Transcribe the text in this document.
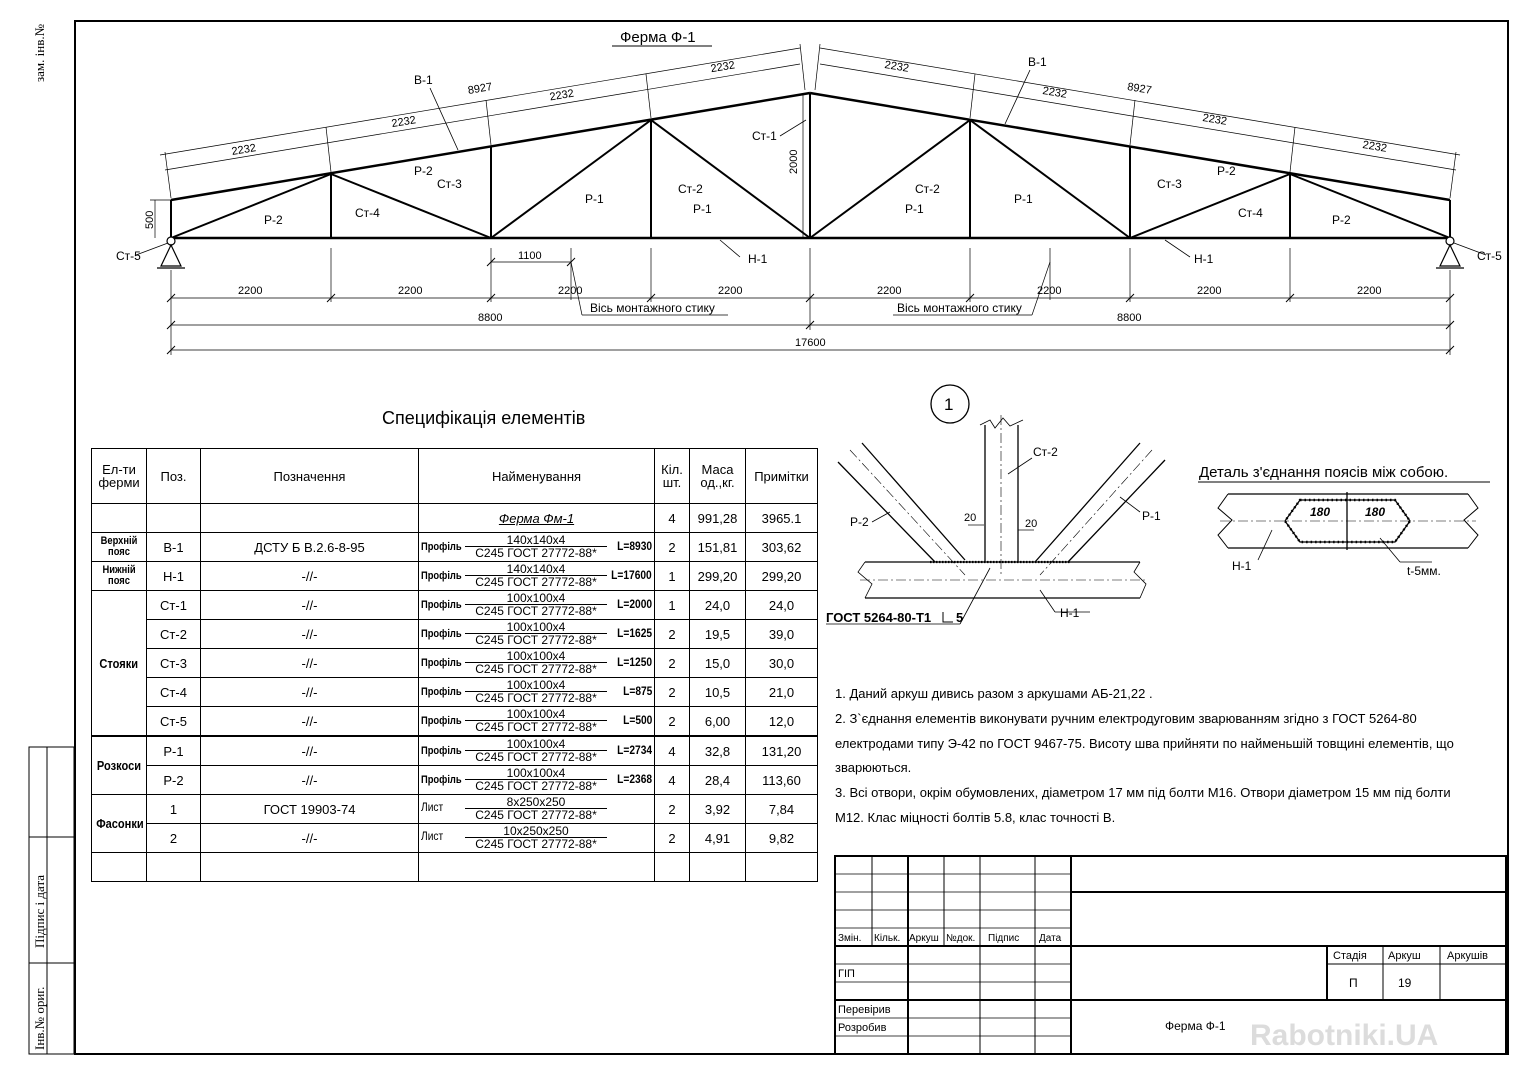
Ферма Ф-1
В-1
В-1
Ст-1
Н-1	Н-1
Ст-5	Ст-5
Р-2	Ст-4
Р-2
Ст-3
Р-1
Ст-2
Р-1
Ст-2
Р-1
Р-1
Ст-3
Р-2
Ст-4	Р-2
2232
2232
8927	2232
2232	2232
2232	8927
2232
2232
2000
500
1100
2200	2200	2200	2200	2200	2200	2200	2200
Вісь монтажного стику	Вісь монтажного стику
8800	8800
17600
1
Ст-2
Р-1
Р-2	20	20
Н-1
ГОСТ 5264-80-Т1 5
Деталь з'єднання поясів між собою.
180	180
Н-1	t-5мм.
Специфікація елементів
Інв.№ ориг.
Підпис і дата
зам. інв.№
Змін. Кільк. Аркуш №док. Підпис Дата
ГІП
Перевірив
Розробив
Стадія Аркуш Аркушів
П	19
Ферма Ф-1 Rabotniki.UA
Ел-ти ферми	Поз.	Позначення	Найменування	Кіл. шт.	Маса од.,кг.	Примітки
			Ферма Фм-1	4	991,28	3965.1
Верхній пояс	В-1	ДСТУ Б В.2.6-8-95	Профіль 140х140х4
С245 ГОСТ 27772-88* L=8930	2	151,81	303,62
Нижній пояс	Н-1	-//-	Профіль 140х140х4
С245 ГОСТ 27772-88* L=17600	1	299,20	299,20
Стояки	Ст-1	-//-	Профіль 100х100х4
С245 ГОСТ 27772-88* L=2000	1	24,0	24,0
	Ст-2	-//-	Профіль 100х100х4
С245 ГОСТ 27772-88* L=1625	2	19,5	39,0
	Ст-3	-//-	Профіль 100х100х4
С245 ГОСТ 27772-88* L=1250	2	15,0	30,0
	Ст-4	-//-	Профіль 100х100х4
С245 ГОСТ 27772-88* L=875	2	10,5	21,0
	Ст-5	-//-	Профіль 100х100х4
С245 ГОСТ 27772-88* L=500	2	6,00	12,0
Розкоси	Р-1	-//-	Профіль 100х100х4
С245 ГОСТ 27772-88* L=2734	4	32,8	131,20
	Р-2	-//-	Профіль 100х100х4
С245 ГОСТ 27772-88* L=2368	4	28,4	113,60
Фасонки	1	ГОСТ 19903-74	Лист 8х250х250
С245 ГОСТ 27772-88*	2	3,92	7,84
	2	-//-	Лист 10х250х250
С245 ГОСТ 27772-88*	2	4,91	9,82

1. Даний аркуш дивись разом з аркушами АБ-21,22 .
2. З`єднання елементів виконувати ручним електродуговим зварюванням згідно з ГОСТ 5264-80
електродами типу Э-42 по ГОСТ 9467-75. Висоту шва прийняти по найменьшій товщині елементів, що
зварюються.
3. Всі отвори, окрім обумовлених, діаметром 17 мм під болти М16. Отвори діаметром 15 мм під болти
М12. Клас міцності болтів 5.8, клас точності В.
